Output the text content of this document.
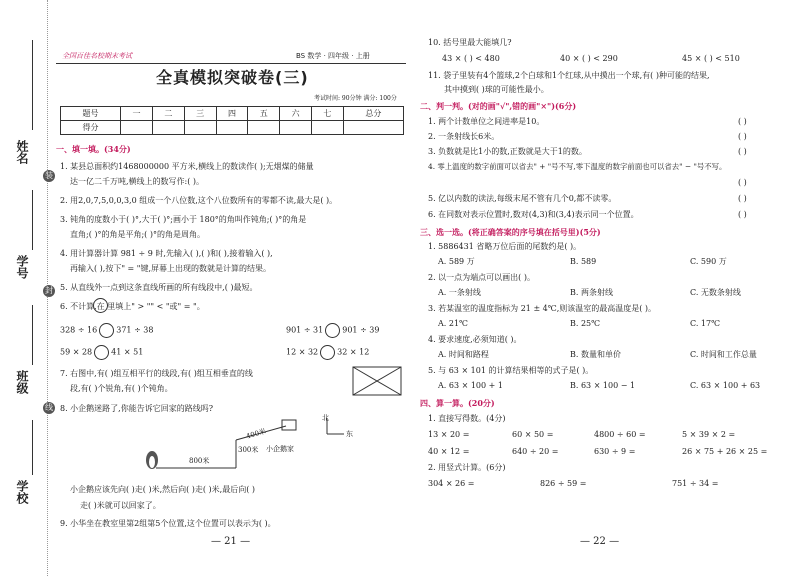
姓名
装
学号
封
班级
线
学校
全国百佳名校期末考试	BS 数学 · 四年级 · 上册
全真模拟突破卷(三)
考试时间: 90分钟 满分: 100分
题号	一	二	三	四	五	六	七	总分
得分								
一、填一填。(34分)
1. 某县总面积约1468000000 平方米,横线上的数读作( );无烟煤的储量
达一亿二千万吨,横线上的数写作:( )。
2. 用2,0,7,5,0,0,3,0 组成一个八位数,这个八位数所有的零都不读,最大是( )。
3. 钝角的度数小于( )°,大于( )°;画小于 180°的角叫作钝角;( )°的角是
直角;( )°的角是平角;( )°的角是周角。
4. 用计算器计算 981 ÷ 9 时,先输入( ),( )和( ),接着输入( ),
再输入( ),按下" = "键,屏幕上出现的数就是计算的结果。
5. 从直线外一点到这条直线所画的所有线段中,( )最短。
6. 不计算,在 里填上" > "" < "或" = "。
328 ÷ 16 371 ÷ 38	901 ÷ 31 901 ÷ 39
59 × 28 41 × 51	12 × 32 32 × 12
7. 右图中,有( )组互相平行的线段,有( )组互相垂直的线
段,有( )个锐角,有( )个钝角。
8. 小企鹅迷路了,你能告诉它回家的路线吗?
800米
300米
400米
小企鹅家
北
东
小企鹅应该先向( )走( )米,然后向( )走( )米,最后向( )
走( )米就可以回家了。
9. 小华坐在教室里第2组第5个位置,这个位置可以表示为( )。
— 21 —
10. 括号里最大能填几?
43 × ( ) < 480	40 × ( ) < 290	45 × ( ) < 510
11. 袋子里装有4个篮球,2个白球和1个红球,从中摸出一个球,有( )种可能的结果,
其中摸到( )球的可能性最小。
二、判一判。(对的画"√",错的画"×")(6分)
1. 两个计数单位之间进率是10。	( )
2. 一条射线长6米。	( )
3. 负数就是比1小的数,正数就是大于1的数。	( )
4. 零上温度的数字前面可以省去" + "号不写,零下温度的数字前面也可以省去" − "号不写。
( )
5. 亿以内数的读法,每级末尾不管有几个0,都不读零。	( )
6. 在同数对表示位置时,数对(4,3)和(3,4)表示同一个位置。	( )
三、选一选。(将正确答案的序号填在括号里)(5分)
1. 5886431 省略万位后面的尾数约是( )。
A. 589 万	B. 589	C. 590 万
2. 以一点为端点可以画出( )。
A. 一条射线	B. 两条射线	C. 无数条射线
3. 若某温室的温度指标为 21 ± 4℃,则该温室的最高温度是( )。
A. 21℃	B. 25℃	C. 17℃
4. 要求速度,必须知道( )。
A. 时间和路程	B. 数量和单价	C. 时间和工作总量
5. 与 63 × 101 的计算结果相等的式子是( )。
A. 63 × 100 + 1	B. 63 × 100 − 1	C. 63 × 100 + 63
四、算一算。(20分)
1. 直接写得数。(4分)
13 × 20 =	60 × 50 =	4800 ÷ 60 =	5 × 39 × 2 =
40 × 12 =	640 ÷ 20 =	630 ÷ 9 =	26 × 75 + 26 × 25 =
2. 用竖式计算。(6分)
304 × 26 =	826 ÷ 59 =	751 ÷ 34 =
— 22 —
